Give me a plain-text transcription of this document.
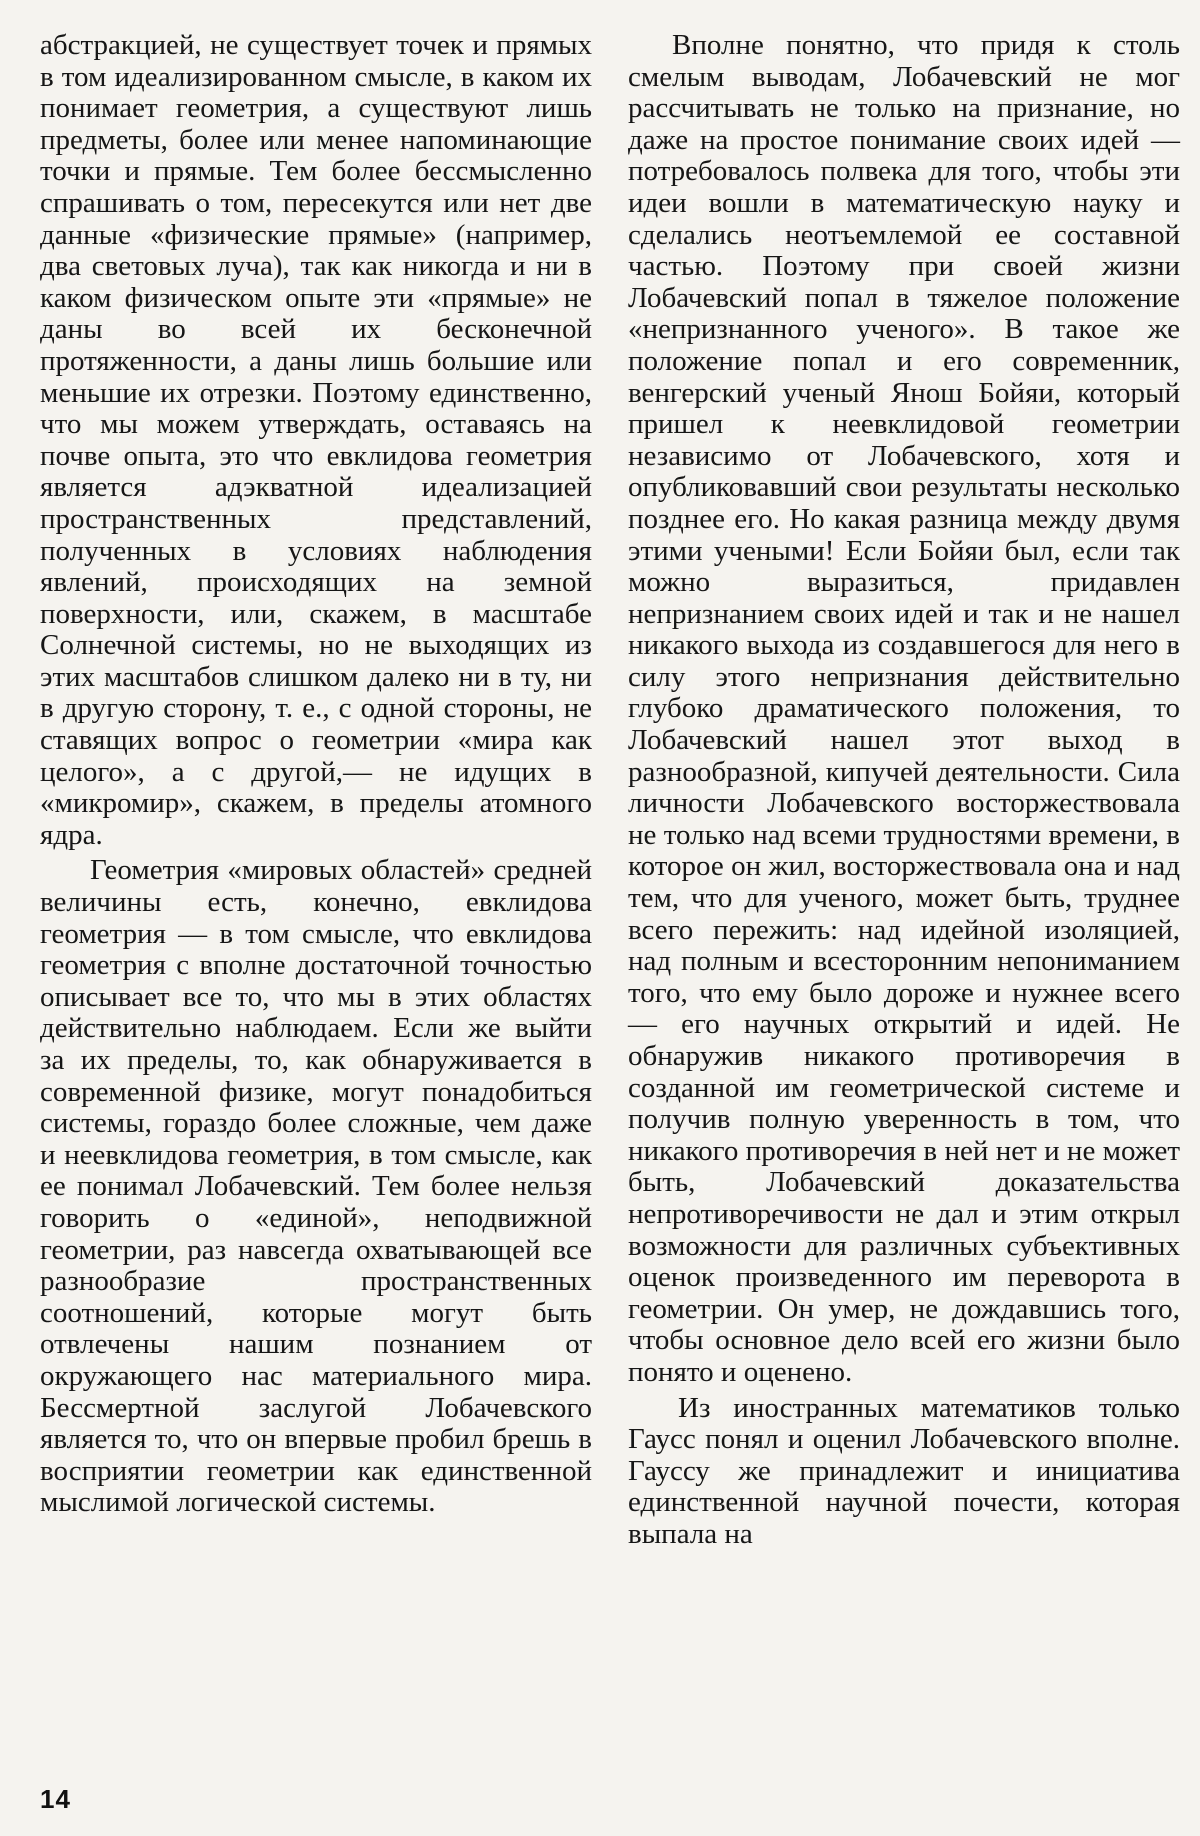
абстракцией, не существует точек и прямых в том идеализированном смысле, в каком их понимает геометрия, а существуют лишь предметы, более или менее напоминающие точки и прямые. Тем более бессмысленно спрашивать о том, пересекутся или нет две данные «физические прямые» (например, два световых луча), так как никогда и ни в каком физическом опыте эти «прямые» не даны во всей их бесконечной протяженности, а даны лишь большие или меньшие их отрезки. Поэтому единственно, что мы можем утверждать, оставаясь на почве опыта, это что евклидова геометрия является адэкватной идеализацией пространственных представлений, полученных в условиях наблюдения явлений, происходящих на земной поверхности, или, скажем, в масштабе Солнечной системы, но не выходящих из этих масштабов слишком далеко ни в ту, ни в другую сторону, т. е., с одной стороны, не ставящих вопрос о геометрии «мира как целого», а с другой,— не идущих в «микромир», скажем, в пределы атомного ядра.

Геометрия «мировых областей» средней величины есть, конечно, евклидова геометрия — в том смысле, что евклидова геометрия с вполне достаточной точностью описывает все то, что мы в этих областях действительно наблюдаем. Если же выйти за их пределы, то, как обнаруживается в современной физике, могут понадобиться системы, гораздо более сложные, чем даже и неевклидова геометрия, в том смысле, как ее понимал Лобачевский. Тем более нельзя говорить о «единой», неподвижной геометрии, раз навсегда охватывающей все разнообразие пространственных соотношений, которые могут быть отвлечены нашим познанием от окружающего нас материального мира. Бессмертной заслугой Лобачевского является то, что он впервые пробил брешь в восприятии геометрии как единственной мыслимой логической системы.

Вполне понятно, что придя к столь смелым выводам, Лобачевский не мог рассчитывать не только на признание, но даже на простое понимание своих идей — потребовалось полвека для того, чтобы эти идеи вошли в математическую науку и сделались неотъемлемой ее составной частью. Поэтому при своей жизни Лобачевский попал в тяжелое положение «непризнанного ученого». В такое же положение попал и его современник, венгерский ученый Янош Бойяи, который пришел к неевклидовой геометрии независимо от Лобачевского, хотя и опубликовавший свои результаты несколько позднее его. Но какая разница между двумя этими учеными! Если Бойяи был, если так можно выразиться, придавлен непризнанием своих идей и так и не нашел никакого выхода из создавшегося для него в силу этого непризнания действительно глубоко драматического положения, то Лобачевский нашел этот выход в разнообразной, кипучей деятельности. Сила личности Лобачевского восторжествовала не только над всеми трудностями времени, в которое он жил, восторжествовала она и над тем, что для ученого, может быть, труднее всего пережить: над идейной изоляцией, над полным и всесторонним непониманием того, что ему было дороже и нужнее всего — его научных открытий и идей. Не обнаружив никакого противоречия в созданной им геометрической системе и получив полную уверенность в том, что никакого противоречия в ней нет и не может быть, Лобачевский доказательства непротиворечивости не дал и этим открыл возможности для различных субъективных оценок произведенного им переворота в геометрии. Он умер, не дождавшись того, чтобы основное дело всей его жизни было понято и оценено.

Из иностранных математиков только Гаусс понял и оценил Лобачевского вполне. Гауссу же принадлежит и инициатива единственной научной почести, которая выпала на

14
